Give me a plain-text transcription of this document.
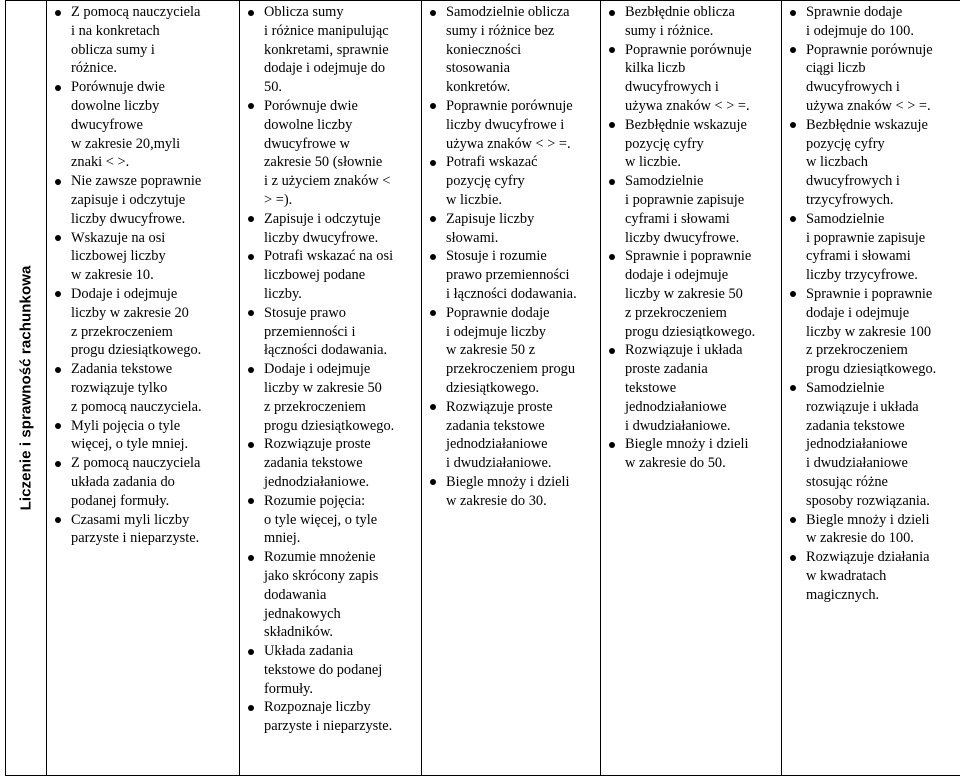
Liczenie i sprawność rachunkowa

Z pomocą nauczyciela
i na konkretach
oblicza sumy i
różnice.
Porównuje dwie
dowolne liczby
dwucyfrowe
w zakresie 20,myli
znaki < >.
Nie zawsze poprawnie
zapisuje i odczytuje
liczby dwucyfrowe.
Wskazuje na osi
liczbowej liczby
w zakresie 10.
Dodaje i odejmuje
liczby w zakresie 20
z przekroczeniem
progu dziesiątkowego.
Zadania tekstowe
rozwiązuje tylko
z pomocą nauczyciela.
Myli pojęcia o tyle
więcej, o tyle mniej.
Z pomocą nauczyciela
układa zadania do
podanej formuły.
Czasami myli liczby
parzyste i nieparzyste.

Oblicza sumy
i różnice manipulując
konkretami, sprawnie
dodaje i odejmuje do
50.
Porównuje dwie
dowolne liczby
dwucyfrowe w
zakresie 50 (słownie
i z użyciem znaków <
> =).
Zapisuje i odczytuje
liczby dwucyfrowe.
Potrafi wskazać na osi
liczbowej podane
liczby.
Stosuje prawo
przemienności i
łączności dodawania.
Dodaje i odejmuje
liczby w zakresie 50
z przekroczeniem
progu dziesiątkowego.
Rozwiązuje proste
zadania tekstowe
jednodziałaniowe.
Rozumie pojęcia:
o tyle więcej, o tyle
mniej.
Rozumie mnożenie
jako skrócony zapis
dodawania
jednakowych
składników.
Układa zadania
tekstowe do podanej
formuły.
Rozpoznaje liczby
parzyste i nieparzyste.

Samodzielnie oblicza
sumy i różnice bez
konieczności
stosowania
konkretów.
Poprawnie porównuje
liczby dwucyfrowe i
używa znaków < > =.
Potrafi wskazać
pozycję cyfry
w liczbie.
Zapisuje liczby
słowami.
Stosuje i rozumie
prawo przemienności
i łączności dodawania.
Poprawnie dodaje
i odejmuje liczby
w zakresie 50 z
przekroczeniem progu
dziesiątkowego.
Rozwiązuje proste
zadania tekstowe
jednodziałaniowe
i dwudziałaniowe.
Biegle mnoży i dzieli
w zakresie do 30.

Bezbłędnie oblicza
sumy i różnice.
Poprawnie porównuje
kilka liczb
dwucyfrowych i
używa znaków < > =.
Bezbłędnie wskazuje
pozycję cyfry
w liczbie.
Samodzielnie
i poprawnie zapisuje
cyframi i słowami
liczby dwucyfrowe.
Sprawnie i poprawnie
dodaje i odejmuje
liczby w zakresie 50
z przekroczeniem
progu dziesiątkowego.
Rozwiązuje i układa
proste zadania
tekstowe
jednodziałaniowe
i dwudziałaniowe.
Biegle mnoży i dzieli
w zakresie do 50.

Sprawnie dodaje
i odejmuje do 100.
Poprawnie porównuje
ciągi liczb
dwucyfrowych i
używa znaków < > =.
Bezbłędnie wskazuje
pozycję cyfry
w liczbach
dwucyfrowych i
trzycyfrowych.
Samodzielnie
i poprawnie zapisuje
cyframi i słowami
liczby trzycyfrowe.
Sprawnie i poprawnie
dodaje i odejmuje
liczby w zakresie 100
z przekroczeniem
progu dziesiątkowego.
Samodzielnie
rozwiązuje i układa
zadania tekstowe
jednodziałaniowe
i dwudziałaniowe
stosując różne
sposoby rozwiązania.
Biegle mnoży i dzieli
w zakresie do 100.
Rozwiązuje działania
w kwadratach
magicznych.
